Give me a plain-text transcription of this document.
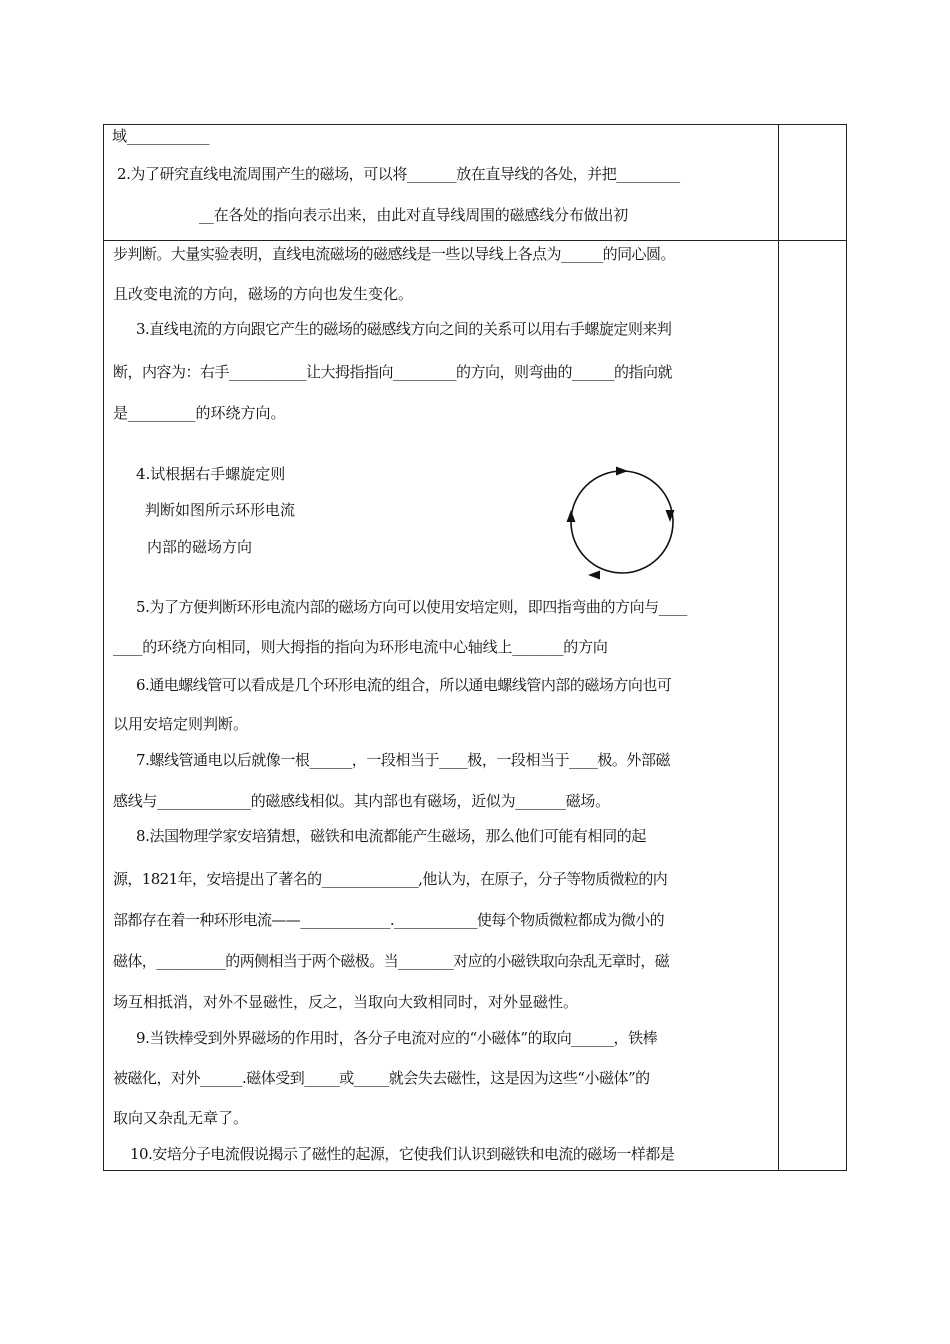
域___________
2.为了研究直线电流周围产生的磁场，可以将_______放在直导线的各处，并把_________
__在各处的指向表示出来，由此对直导线周围的磁感线分布做出初
步判断。大量实验表明，直线电流磁场的磁感线是一些以导线上各点为______的同心圆。
且改变电流的方向，磁场的方向也发生变化。
3.直线电流的方向跟它产生的磁场的磁感线方向之间的关系可以用右手螺旋定则来判
断，内容为：右手___________让大拇指指向_________的方向，则弯曲的______的指向就
是_________的环绕方向。
4.试根据右手螺旋定则
判断如图所示环形电流
内部的磁场方向
5.为了方便判断环形电流内部的磁场方向可以使用安培定则，即四指弯曲的方向与____
____的环绕方向相同，则大拇指的指向为环形电流中心轴线上_______的方向
6.通电螺线管可以看成是几个环形电流的组合，所以通电螺线管内部的磁场方向也可
以用安培定则判断。
7.螺线管通电以后就像一根______，一段相当于____极，一段相当于____极。外部磁
感线与_____________的磁感线相似。其内部也有磁场，近似为_______磁场。
8.法国物理学家安培猜想，磁铁和电流都能产生磁场，那么他们可能有相同的起
源，1821年，安培提出了著名的______________,他认为，在原子，分子等物质微粒的内
部都存在着一种环形电流——_____________.____________使每个物质微粒都成为微小的
磁体，__________的两侧相当于两个磁极。当________对应的小磁铁取向杂乱无章时，磁
场互相抵消，对外不显磁性，反之，当取向大致相同时，对外显磁性。
9.当铁棒受到外界磁场的作用时，各分子电流对应的“小磁体”的取向______，铁棒
被磁化，对外______.磁体受到_____或_____就会失去磁性，这是因为这些“小磁体”的
取向又杂乱无章了。
10.安培分子电流假说揭示了磁性的起源，它使我们认识到磁铁和电流的磁场一样都是
